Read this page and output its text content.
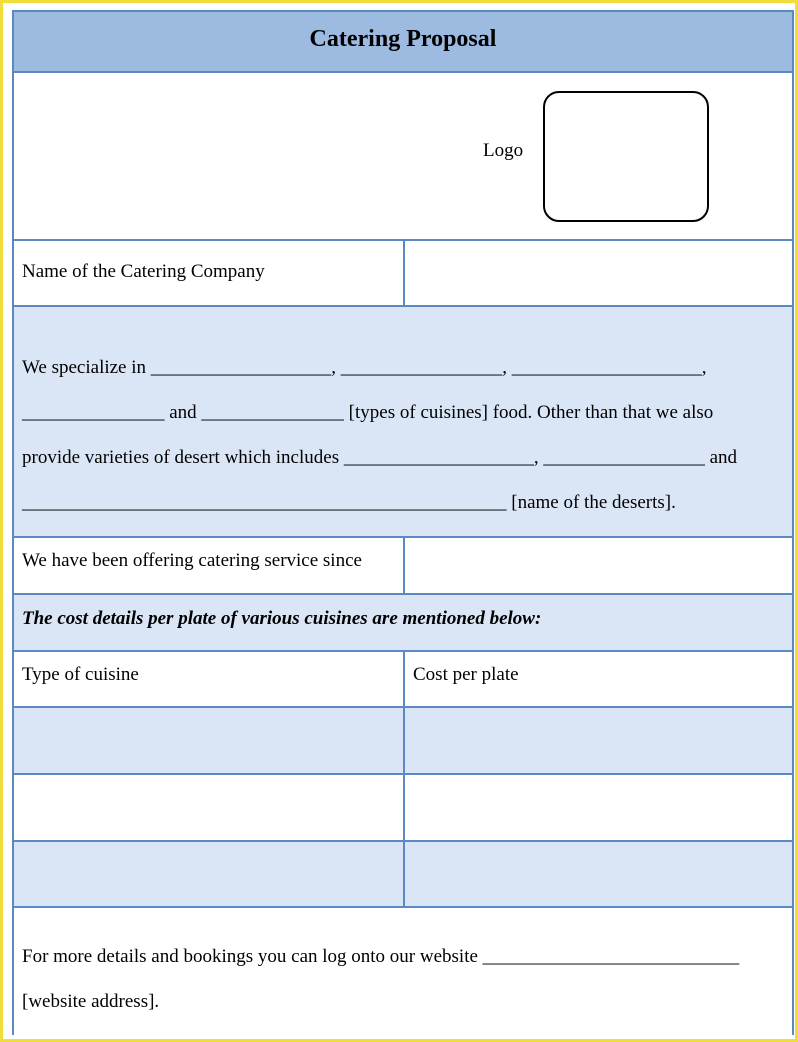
Catering Proposal
Logo
Name of the Catering Company
We specialize in ___________________, _________________, ____________________,
_______________ and _______________ [types of cuisines] food. Other than that we also
provide varieties of desert which includes ____________________, _________________ and
___________________________________________________ [name of the deserts].
We have been offering catering service since
The cost details per plate of various cuisines are mentioned below:
Type of cuisine	Cost per plate
For more details and bookings you can log onto our website ___________________________
[website address].
